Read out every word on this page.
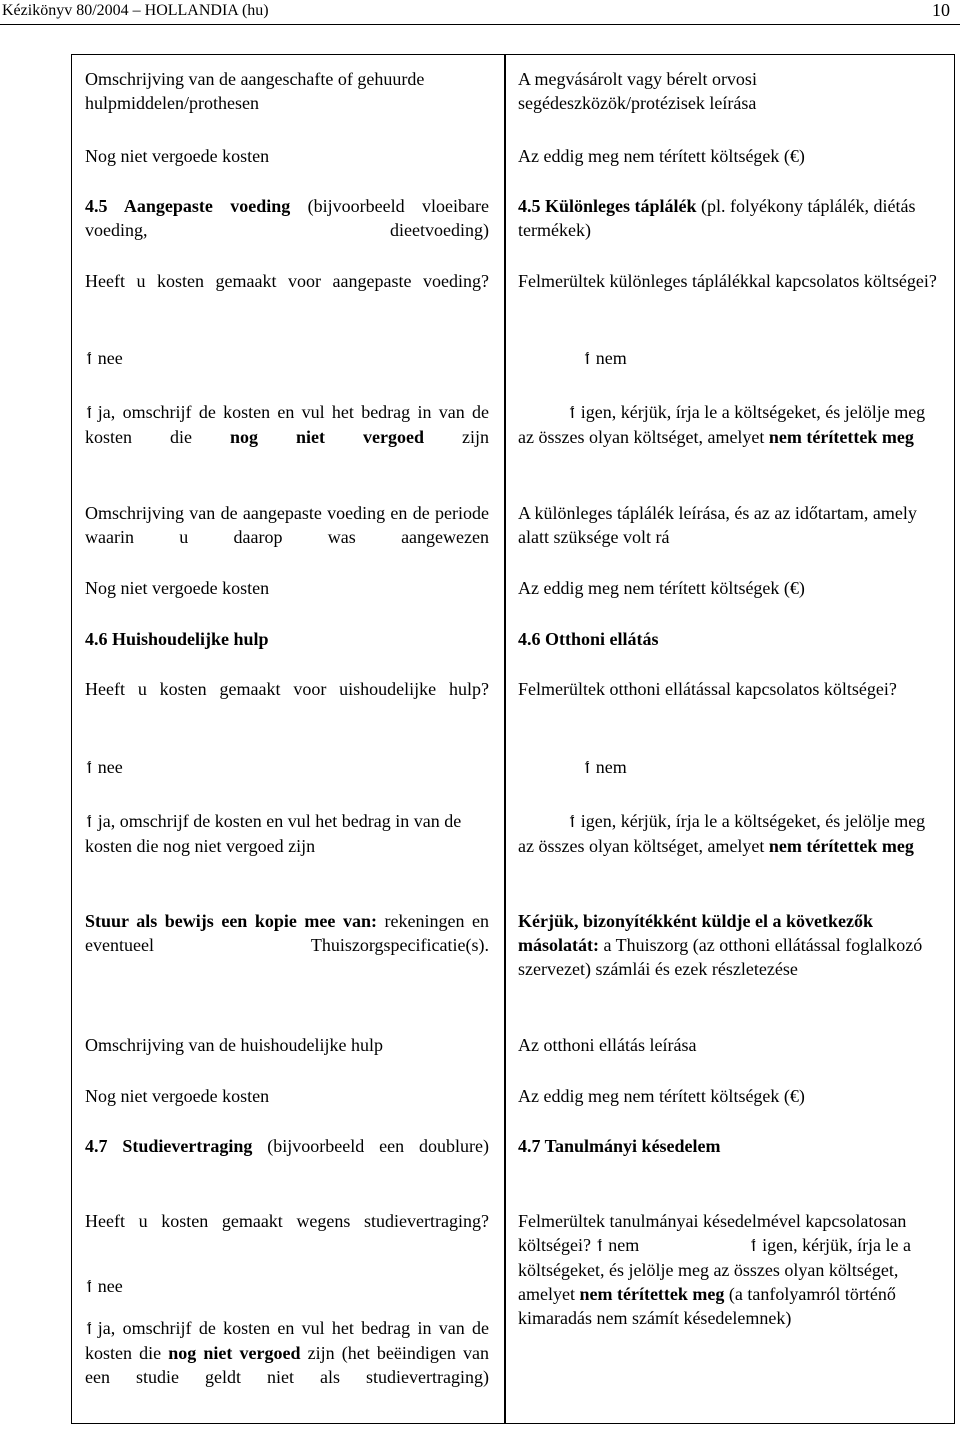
Kézikönyv 80/2004 – HOLLANDIA (hu)	10

Omschrijving van de aangeschafte of gehuurde hulpmiddelen/prothesen

Nog niet vergoede kosten

4.5 Aangepaste voeding (bijvoorbeeld vloeibare voeding, dieetvoeding)

Heeft u kosten gemaakt voor aangepaste voeding?

ٲ nee

ٲ ja, omschrijf de kosten en vul het bedrag in van de kosten die nog niet vergoed zijn

Omschrijving van de aangepaste voeding en de periode waarin u daarop was aangewezen

Nog niet vergoede kosten

4.6 Huishoudelijke hulp

Heeft u kosten gemaakt voor uishoudelijke hulp?

ٲ nee

ٲ ja, omschrijf de kosten en vul het bedrag in van de kosten die nog niet vergoed zijn

Stuur als bewijs een kopie mee van: rekeningen en eventueel Thuiszorgspecificatie(s).

Omschrijving van de huishoudelijke hulp

Nog niet vergoede kosten

4.7 Studievertraging (bijvoorbeeld een doublure)

Heeft u kosten gemaakt wegens studievertraging?

ٲ nee

ٲ ja, omschrijf de kosten en vul het bedrag in van de kosten die nog niet vergoed zijn (het beëindigen van een studie geldt niet als studievertraging)

A megvásárolt vagy bérelt orvosi segédeszközök/protézisek leírása

Az eddig meg nem térített költségek (€)

4.5 Különleges táplálék (pl. folyékony táplálék, diétás termékek)

Felmerültek különleges táplálékkal kapcsolatos költségei?

ٲ nem

ٲ igen, kérjük, írja le a költségeket, és jelölje meg az összes olyan költséget, amelyet nem térítettek meg

A különleges táplálék leírása, és az az időtartam, amely alatt szüksége volt rá

Az eddig meg nem térített költségek (€)

4.6 Otthoni ellátás

Felmerültek otthoni ellátással kapcsolatos költségei?

ٲ nem

ٲ igen, kérjük, írja le a költségeket, és jelölje meg az összes olyan költséget, amelyet nem térítettek meg

Kérjük, bizonyítékként küldje el a következők másolatát: a Thuiszorg (az otthoni ellátással foglalkozó szervezet) számlái és ezek részletezése

Az otthoni ellátás leírása

Az eddig meg nem térített költségek (€)

4.7 Tanulmányi késedelem

Felmerültek tanulmányai késedelmével kapcsolatosan költségei? ٲ nem	ٲ igen, kérjük, írja le a költségeket, és jelölje meg az összes olyan költséget, amelyet nem térítettek meg (a tanfolyamról történő kimaradás nem számít késedelemnek)
